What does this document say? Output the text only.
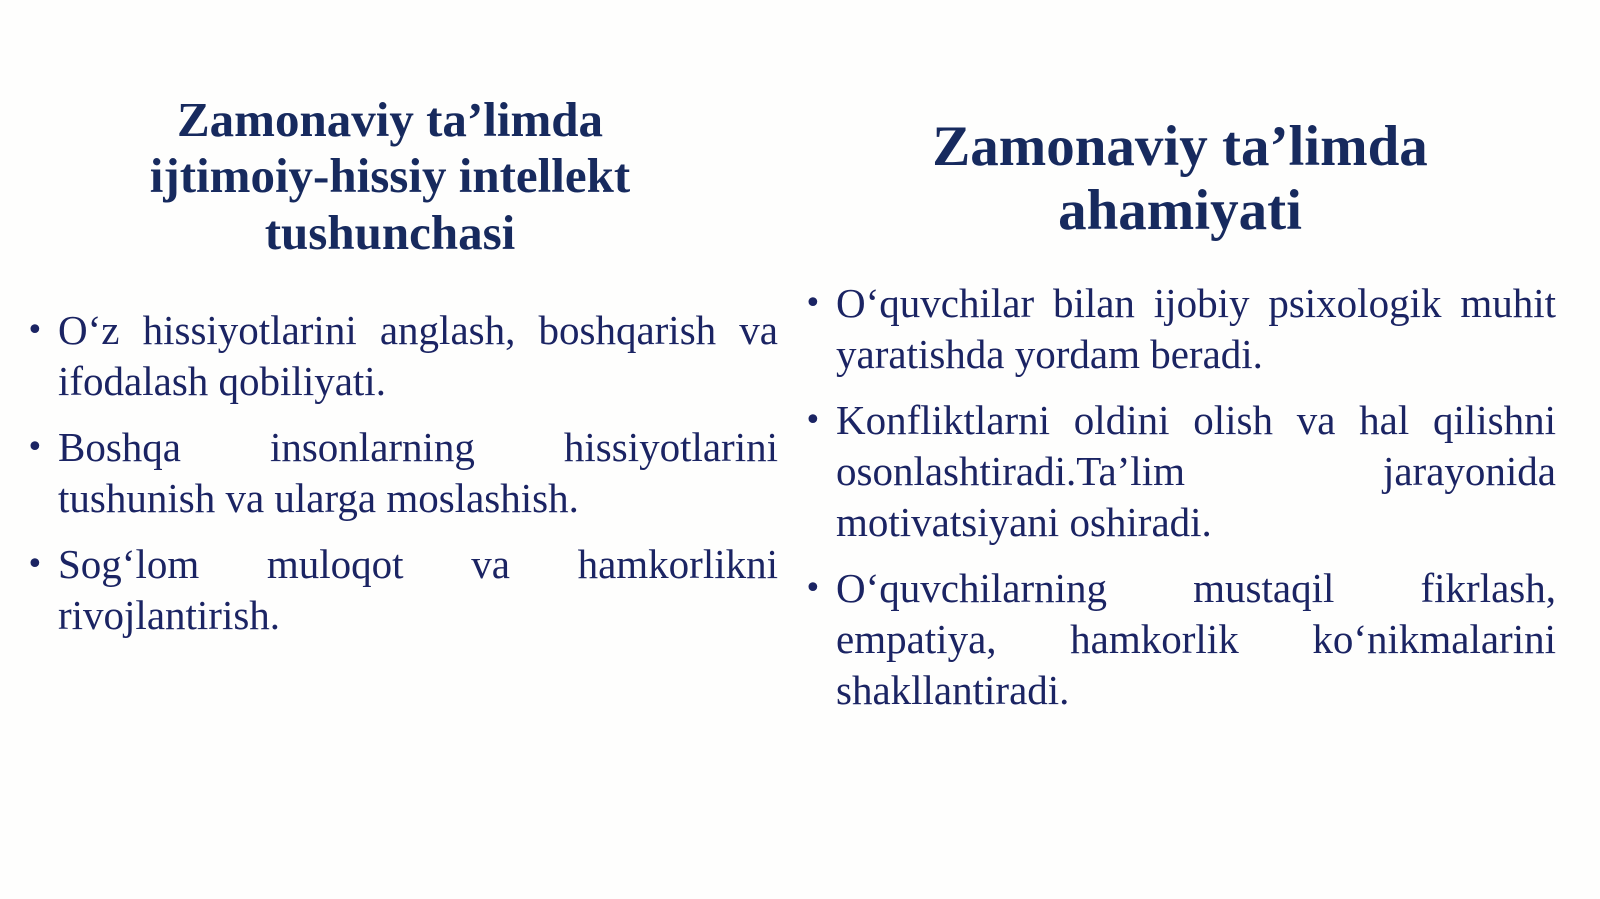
Zamonaviy ta’limda
ijtimoiy-hissiy intellekt
tushunchasi
• O‘z hissiyotlarini anglash, boshqarish va ifodalash qobiliyati.
• Boshqa insonlarning hissiyotlarini tushunish va ularga moslashish.
• Sog‘lom muloqot va hamkorlikni rivojlantirish.
Zamonaviy ta’limda
ahamiyati
• O‘quvchilar bilan ijobiy psixologik muhit yaratishda yordam beradi.
• Konfliktlarni oldini olish va hal qilishni osonlashtiradi.Ta’lim jarayonida motivatsiyani oshiradi.
• O‘quvchilarning mustaqil fikrlash, empatiya, hamkorlik ko‘nikmalarini shakllantiradi.
